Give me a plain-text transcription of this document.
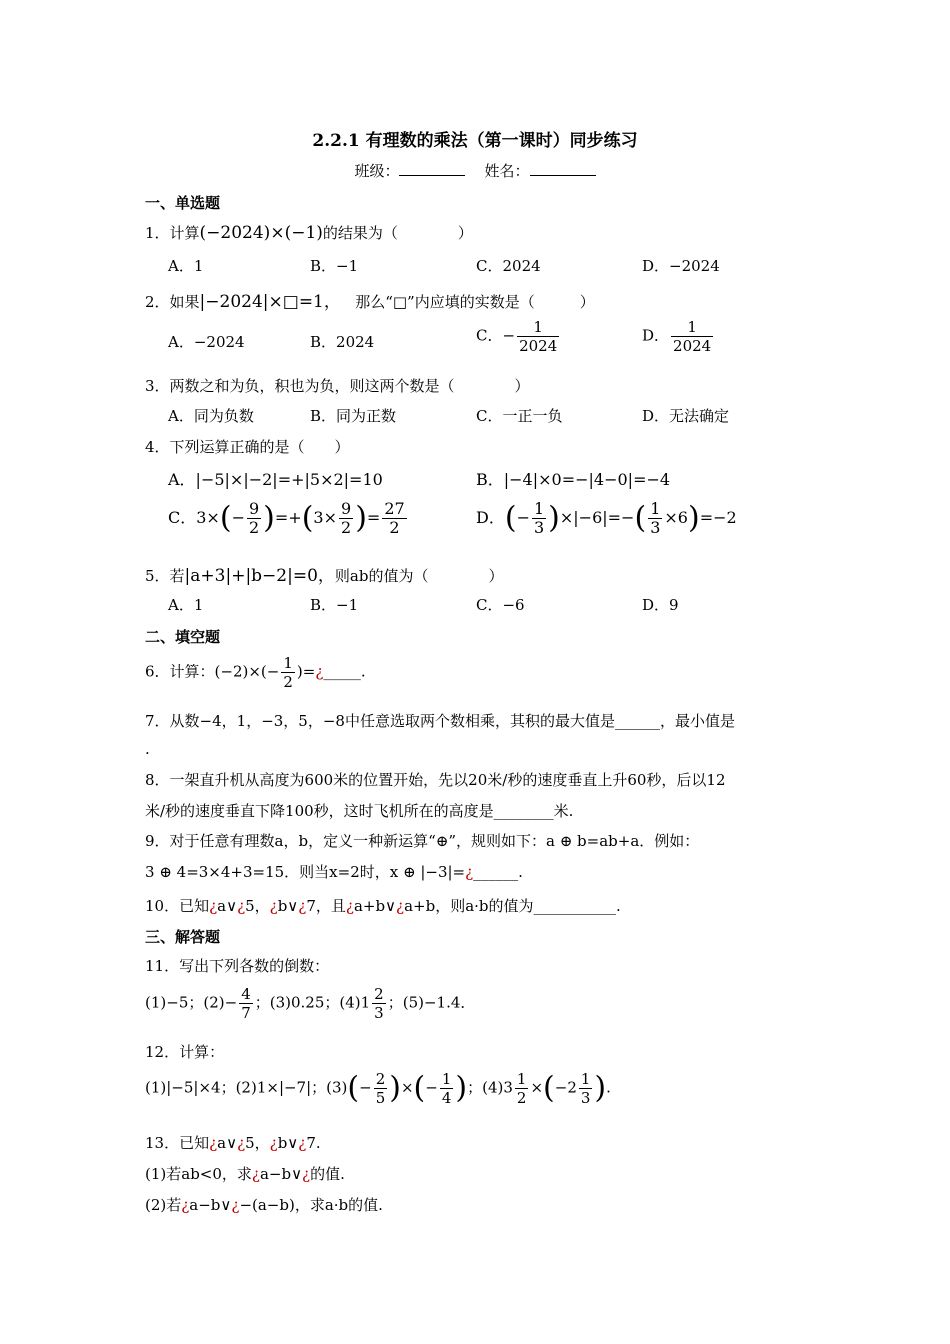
2.2.1 有理数的乘法（第一课时）同步练习
班级：	姓名：
一、单选题
1．计算(−2024)×(−1)的结果为（　　　　）
A．1	B．−1	C．2024	D．−2024
2．如果|−2024|×□=1， 那么“□”内应填的实数是（　　　）
A．−2024	B．2024	C．− $\frac{1}{2024}$	D． $\frac{1}{2024}$
3．两数之和为负，积也为负，则这两个数是（　　　　）
A．同为负数	B．同为正数	C．一正一负	D．无法确定
4．下列运算正确的是（　　）
A．|−5|×|−2|=+|5×2|=10	B．|−4|×0=−|4−0|=−4
C．$3\times(- \frac{9}{2} )=+(3\times \frac{9}{2}$ )= $\frac{27}{2}$	D．(− $\frac{1}{3} )\times|-6|=-( \frac{1}{3} \times 6)=-2$
5．若|a+3|+|b−2|=0，则ab的值为（　　　　）
A．1	B．−1	C．−6	D．9
二、填空题
6．计算：$(-2)\times(- \frac{1}{2}$ )=¿_____.
7．从数−4，1，−3，5，−8中任意选取两个数相乘，其积的最大值是______，最小值是
.
8．一架直升机从高度为600米的位置开始，先以20米/秒的速度垂直上升60秒，后以12
米/秒的速度垂直下降100秒，这时飞机所在的高度是________米.
9．对于任意有理数a，b，定义一种新运算“⊕”，规则如下：a ⊕ b=ab+a．例如：
3 ⊕ 4=3×4+3=15．则当x=2时，x ⊕ |−3|=¿______.
10．已知¿a∨¿5，¿b∨¿7，且¿a+b∨¿a+b，则a·b的值为___________.
三、解答题
11．写出下列各数的倒数：
(1)−5；$(2)- \frac{4}{7}$ ；(3)0.25；$(4)1 \frac{2}{3}$ ；(5)−1.4．
12．计算：
(1)|−5|×4；(2)1×|−7|；$(3)(- \frac{2}{5}$ )×(− $\frac{1}{4}$ )；$(4)3 \frac{1}{2} \times(-2 \frac{1}{3}$ ).
13．已知¿a∨¿5，¿b∨¿7.
(1)若ab<0，求¿a−b∨¿的值.
(2)若¿a−b∨¿−(a−b)，求a·b的值.
